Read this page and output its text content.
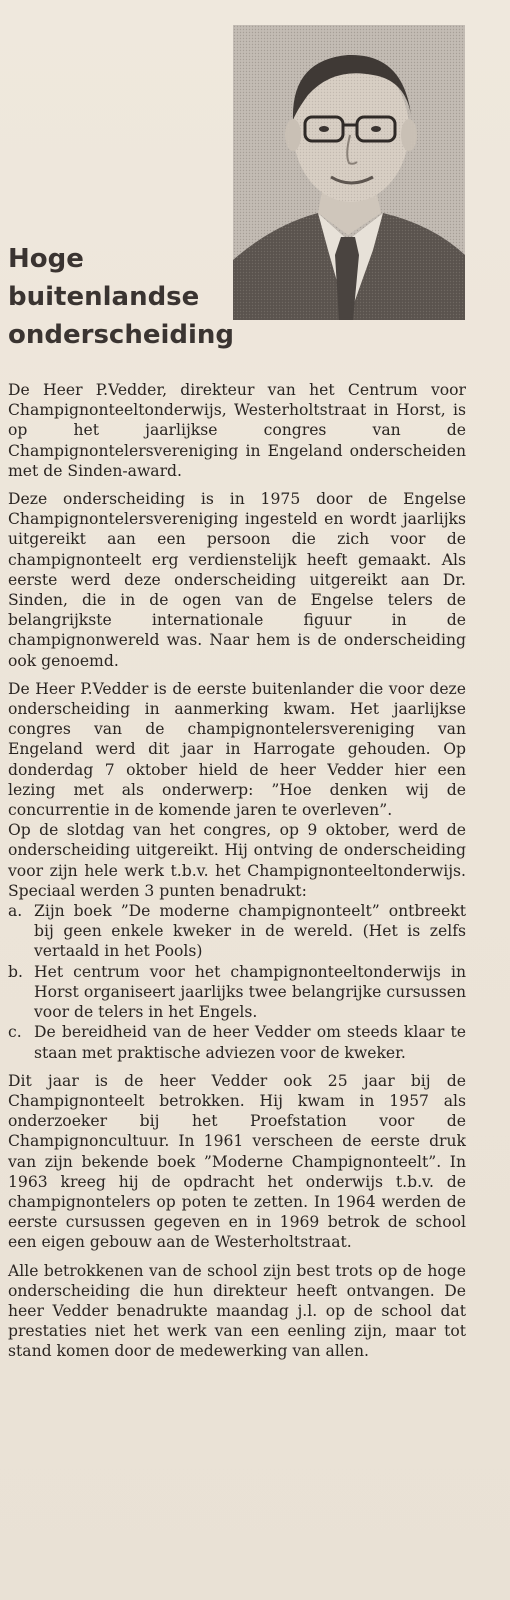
Hoge
buitenlandse
onderscheiding

De Heer P.Vedder, direkteur van het Centrum voor Champignonteeltonderwijs, Westerholtstraat in Horst, is op het jaarlijkse congres van de Champignontelersvereniging in Engeland onderscheiden met de Sinden-award.

Deze onderscheiding is in 1975 door de Engelse Champignontelersvereniging ingesteld en wordt jaarlijks uitgereikt aan een persoon die zich voor de champignonteelt erg verdienstelijk heeft gemaakt. Als eerste werd deze onderscheiding uitgereikt aan Dr. Sinden, die in de ogen van de Engelse telers de belangrijkste internationale figuur in de champignonwereld was. Naar hem is de onderscheiding ook genoemd.

De Heer P.Vedder is de eerste buitenlander die voor deze onderscheiding in aanmerking kwam. Het jaarlijkse congres van de champignontelersvereniging van Engeland werd dit jaar in Harrogate gehouden. Op donderdag 7 oktober hield de heer Vedder hier een lezing met als onderwerp: ”Hoe denken wij de concurrentie in de komende jaren te overleven”.

Op de slotdag van het congres, op 9 oktober, werd de onderscheiding uitgereikt. Hij ontving de onderscheiding voor zijn hele werk t.b.v. het Champignonteeltonderwijs. Speciaal werden 3 punten benadrukt:

a. Zijn boek ”De moderne champignonteelt” ontbreekt bij geen enkele kweker in de wereld. (Het is zelfs vertaald in het Pools)
b. Het centrum voor het champignonteeltonderwijs in Horst organiseert jaarlijks twee belangrijke cursussen voor de telers in het Engels.
c. De bereidheid van de heer Vedder om steeds klaar te staan met praktische adviezen voor de kweker.

Dit jaar is de heer Vedder ook 25 jaar bij de Champignonteelt betrokken. Hij kwam in 1957 als onderzoeker bij het Proefstation voor de Champignoncultuur. In 1961 verscheen de eerste druk van zijn bekende boek ”Moderne Champignonteelt”. In 1963 kreeg hij de opdracht het onderwijs t.b.v. de champignontelers op poten te zetten. In 1964 werden de eerste cursussen gegeven en in 1969 betrok de school een eigen gebouw aan de Westerholtstraat.

Alle betrokkenen van de school zijn best trots op de hoge onderscheiding die hun direkteur heeft ontvangen. De heer Vedder benadrukte maandag j.l. op de school dat prestaties niet het werk van een eenling zijn, maar tot stand komen door de medewerking van allen.
